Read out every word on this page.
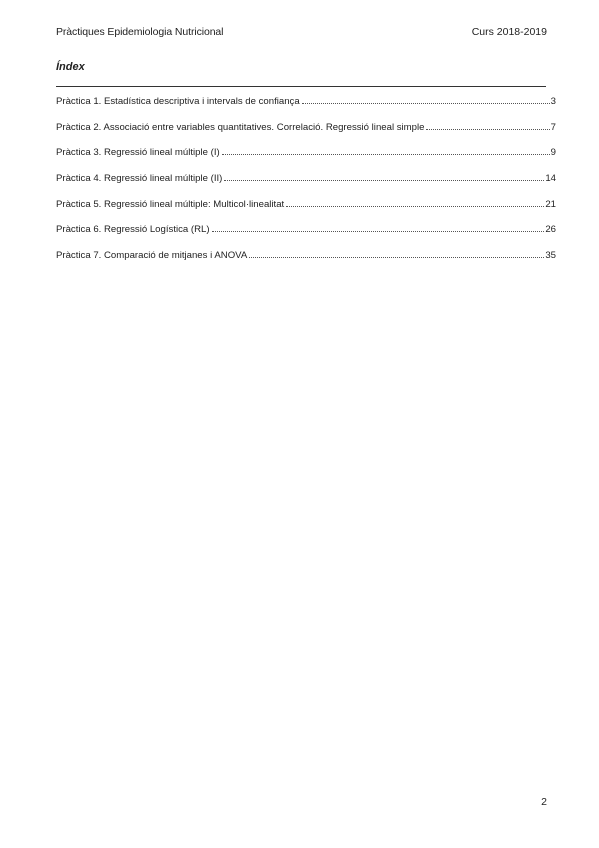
Pràctiques Epidemiologia Nutricional	Curs 2018-2019
Índex
Pràctica 1. Estadística descriptiva i intervals de confiança	3
Pràctica 2. Associació entre variables quantitatives. Correlació. Regressió lineal simple	7
Pràctica 3. Regressió lineal múltiple (I)	9
Pràctica 4. Regressió lineal múltiple (II)	14
Pràctica 5. Regressió lineal múltiple: Multicol·linealitat	21
Pràctica 6. Regressió Logística (RL)	26
Pràctica 7. Comparació de mitjanes i ANOVA	35
2
